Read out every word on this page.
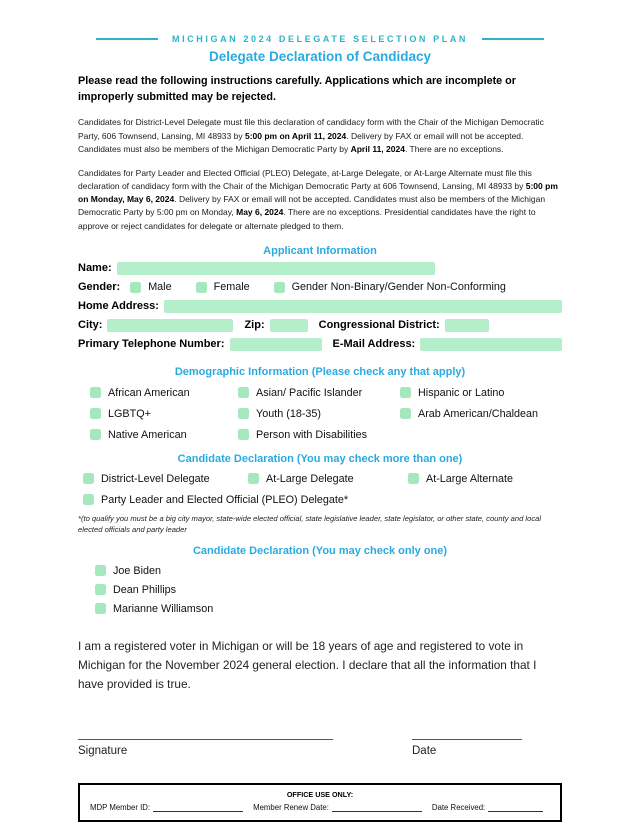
MICHIGAN 2024 DELEGATE SELECTION PLAN
Delegate Declaration of Candidacy
Please read the following instructions carefully. Applications which are incomplete or improperly submitted may be rejected.

Candidates for District-Level Delegate must file this declaration of candidacy form with the Chair of the Michigan Democratic Party, 606 Townsend, Lansing, MI 48933 by 5:00 pm on April 11, 2024. Delivery by FAX or email will not be accepted. Candidates must also be members of the Michigan Democratic Party by April 11, 2024. There are no exceptions.

Candidates for Party Leader and Elected Official (PLEO) Delegate, at-Large Delegate, or At-Large Alternate must file this declaration of candidacy form with the Chair of the Michigan Democratic Party at 606 Townsend, Lansing, MI 48933 by 5:00 pm on Monday, May 6, 2024. Delivery by FAX or email will not be accepted. Candidates must also be members of the Michigan Democratic Party by 5:00 pm on Monday, May 6, 2024. There are no exceptions. Presidential candidates have the right to approve or reject candidates for delegate or alternate pledged to them.

Applicant Information
Name:
Gender:	Male	Female	Gender Non-Binary/Gender Non-Conforming
Home Address:
City:	Zip:	Congressional District:
Primary Telephone Number:	E-Mail Address:
Demographic Information (Please check any that apply)
African American	Asian/ Pacific Islander	Hispanic or Latino
LGBTQ+	Youth (18-35)	Arab American/Chaldean
Native American	Person with Disabilities
Candidate Declaration (You may check more than one)
District-Level Delegate	At-Large Delegate	At-Large Alternate
Party Leader and Elected Official (PLEO) Delegate*
*(to qualify you must be a big city mayor, state-wide elected official, state legislative leader, state legislator, or other state, county and local elected officials and party leader
Candidate Declaration (You may check only one)
Joe Biden
Dean Phillips
Marianne Williamson
I am a registered voter in Michigan or will be 18 years of age and registered to vote in Michigan for the November 2024 general election. I declare that all the information that I have provided is true.
Signature	Date
OFFICE USE ONLY:
MDP Member ID:	Member Renew Date:	Date Received:
